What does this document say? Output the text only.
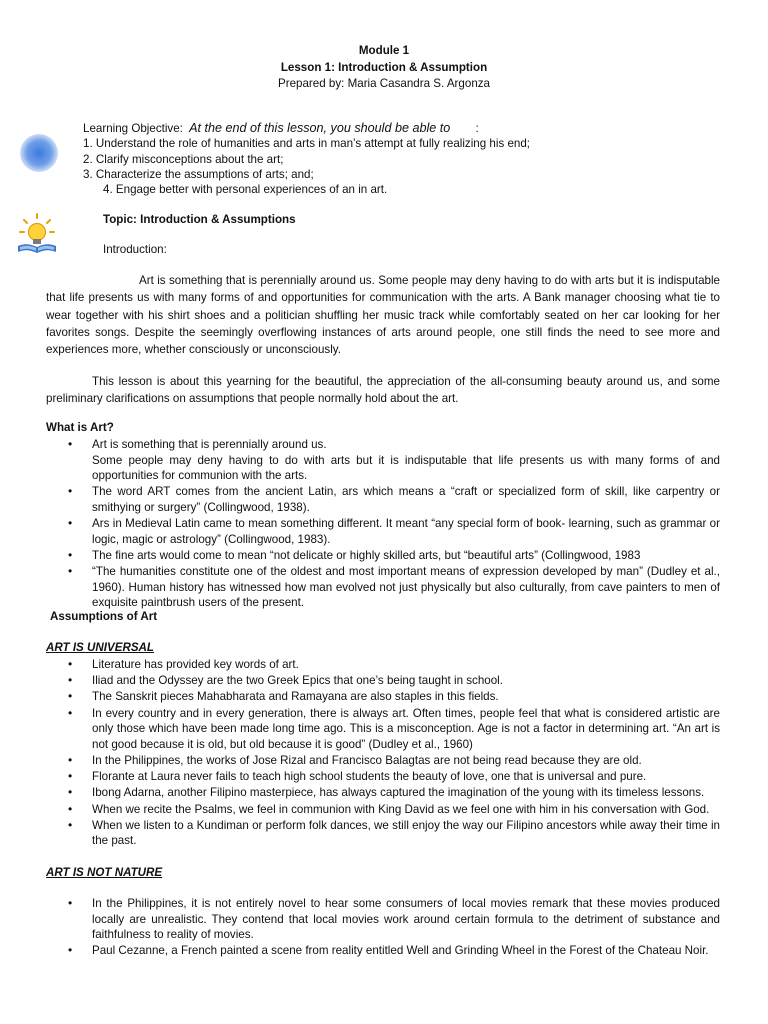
Module 1
Lesson 1: Introduction & Assumption
Prepared by: Maria Casandra S. Argonza
Learning Objective: At the end of this lesson, you should be able to :
1. Understand the role of humanities and arts in man’s attempt at fully realizing his end;
2. Clarify misconceptions about the art;
3. Characterize the assumptions of arts; and;
4. Engage better with personal experiences of an in art.
Topic: Introduction & Assumptions
Introduction:

Art is something that is perennially around us. Some people may deny having to do with arts but it is indisputable that life presents us with many forms of and opportunities for communication with the arts. A Bank manager choosing what tie to wear together with his shirt shoes and a politician shuffling her music track while comfortably seated on her car looking for her favorites songs. Despite the seemingly overflowing instances of arts around people, one still finds the need to see more and experiences more, whether consciously or unconsciously.

This lesson is about this yearning for the beautiful, the appreciation of the all-consuming beauty around us, and some preliminary clarifications on assumptions that people normally hold about the art.

What is Art?
• Art is something that is perennially around us.
Some people may deny having to do with arts but it is indisputable that life presents us with many forms of and opportunities for communion with the arts.
• The word ART comes from the ancient Latin, ars which means a “craft or specialized form of skill, like carpentry or smithying or surgery” (Collingwood, 1938).
• Ars in Medieval Latin came to mean something different. It meant “any special form of book- learning, such as grammar or logic, magic or astrology” (Collingwood, 1983).
• The fine arts would come to mean “not delicate or highly skilled arts, but “beautiful arts” (Collingwood, 1983
• “The humanities constitute one of the oldest and most important means of expression developed by man” (Dudley et al., 1960). Human history has witnessed how man evolved not just physically but also culturally, from cave painters to men of exquisite paintbrush users of the present.
Assumptions of Art
ART IS UNIVERSAL
• Literature has provided key words of art.
• Iliad and the Odyssey are the two Greek Epics that one’s being taught in school.
• The Sanskrit pieces Mahabharata and Ramayana are also staples in this fields.
• In every country and in every generation, there is always art. Often times, people feel that what is considered artistic are only those which have been made long time ago. This is a misconception. Age is not a factor in determining art. “An art is not good because it is old, but old because it is good” (Dudley et al., 1960)
• In the Philippines, the works of Jose Rizal and Francisco Balagtas are not being read because they are old.
• Florante at Laura never fails to teach high school students the beauty of love, one that is universal and pure.
• Ibong Adarna, another Filipino masterpiece, has always captured the imagination of the young with its timeless lessons.
• When we recite the Psalms, we feel in communion with King David as we feel one with him in his conversation with God.
• When we listen to a Kundiman or perform folk dances, we still enjoy the way our Filipino ancestors while away their time in the past.
ART IS NOT NATURE
• In the Philippines, it is not entirely novel to hear some consumers of local movies remark that these movies produced locally are unrealistic. They contend that local movies work around certain formula to the detriment of substance and faithfulness to reality of movies.
• Paul Cezanne, a French painted a scene from reality entitled Well and Grinding Wheel in the Forest of the Chateau Noir.
